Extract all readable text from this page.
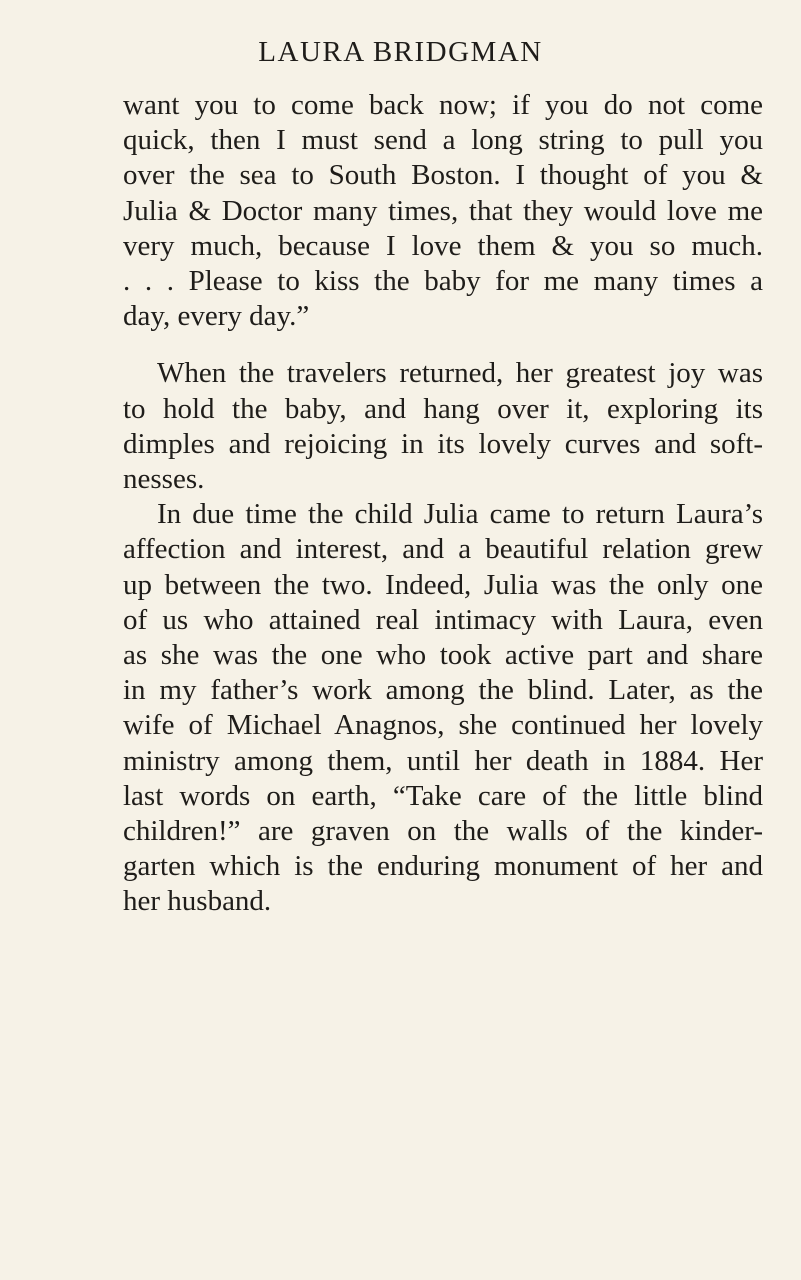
LAURA BRIDGMAN
want you to come back now; if you do not come
quick, then I must send a long string to pull you
over the sea to South Boston. I thought of you &
Julia & Doctor many times, that they would love me
very much, because I love them & you so much.
. . . Please to kiss the baby for me many times a
day, every day.”
When the travelers returned, her greatest joy was
to hold the baby, and hang over it, exploring its
dimples and rejoicing in its lovely curves and soft-
nesses.
In due time the child Julia came to return Laura’s
affection and interest, and a beautiful relation grew
up between the two. Indeed, Julia was the only one
of us who attained real intimacy with Laura, even
as she was the one who took active part and share
in my father’s work among the blind. Later, as the
wife of Michael Anagnos, she continued her lovely
ministry among them, until her death in 1884. Her
last words on earth, “Take care of the little blind
children!” are graven on the walls of the kinder-
garten which is the enduring monument of her and
her husband.
